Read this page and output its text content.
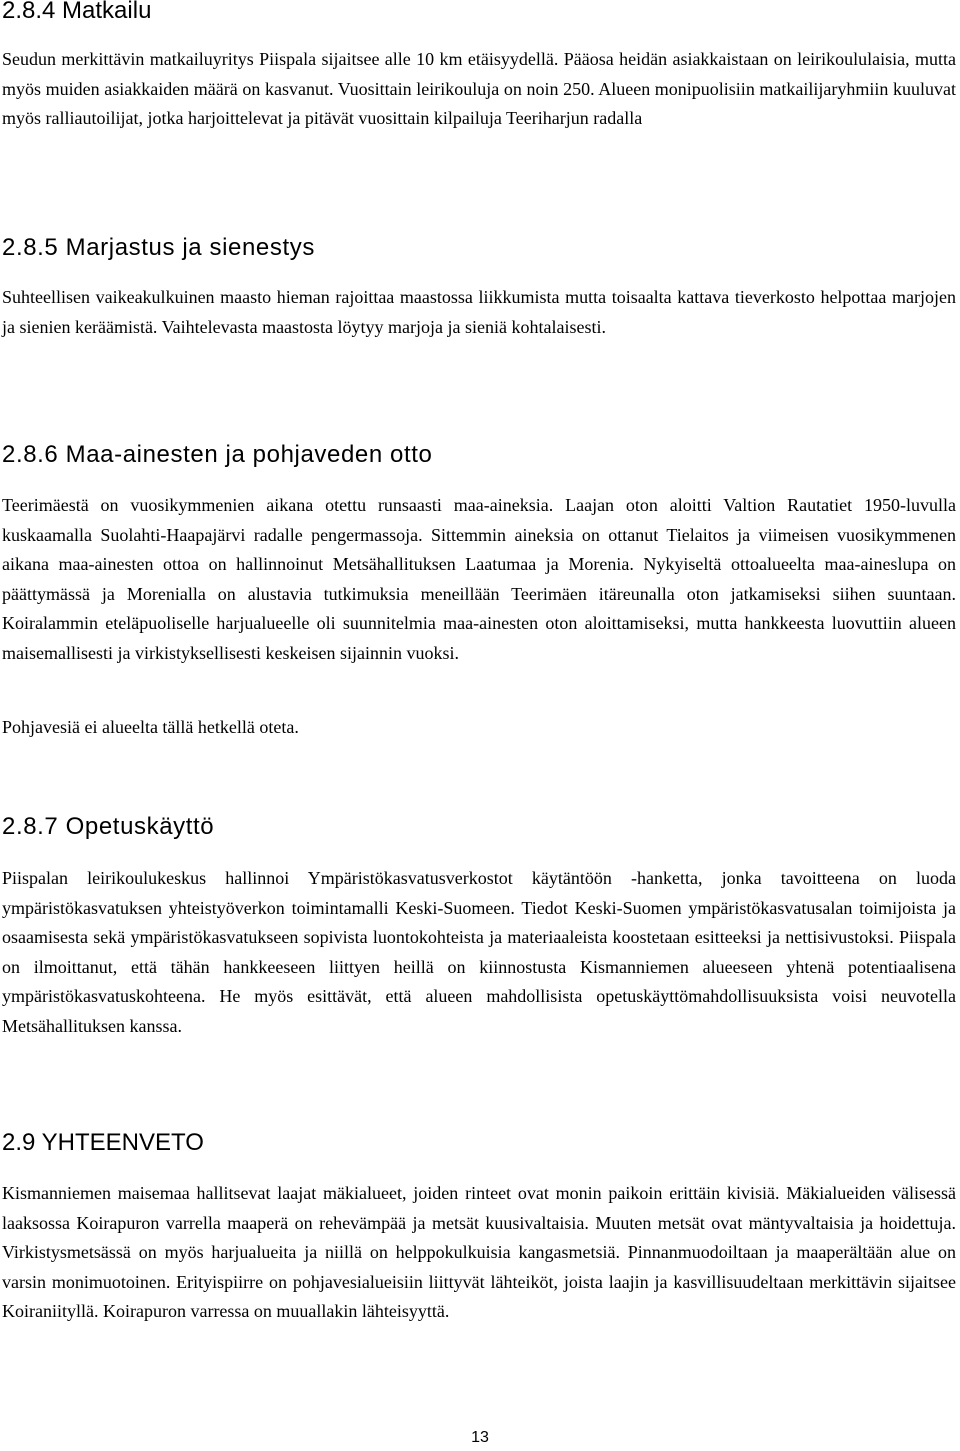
2.8.4 Matkailu

Seudun merkittävin matkailuyritys Piispala sijaitsee alle 10 km etäisyydellä. Pääosa heidän asiakkaistaan on leirikoululaisia, mutta myös muiden asiakkaiden määrä on kasvanut. Vuosittain leirikouluja on noin 250. Alueen monipuolisiin matkailijaryhmiin kuuluvat myös ralliautoilijat, jotka harjoittelevat ja pitävät vuosittain kilpailuja Teeriharjun radalla

2.8.5 Marjastus ja sienestys

Suhteellisen vaikeakulkuinen maasto hieman rajoittaa maastossa liikkumista mutta toisaalta kattava tieverkosto helpottaa marjojen ja sienien keräämistä. Vaihtelevasta maastosta löytyy marjoja ja sieniä kohtalaisesti.

2.8.6 Maa-ainesten ja pohjaveden otto

Teerimäestä on vuosikymmenien aikana otettu runsaasti maa-aineksia. Laajan oton aloitti Valtion Rautatiet 1950-luvulla kuskaamalla Suolahti-Haapajärvi radalle pengermassoja. Sittemmin aineksia on ottanut Tielaitos ja viimeisen vuosikymmenen aikana maa-ainesten ottoa on hallinnoinut Metsähallituksen Laatumaa ja Morenia. Nykyiseltä ottoalueelta maa-aineslupa on päättymässä ja Morenialla on alustavia tutkimuksia meneillään Teerimäen itäreunalla oton jatkamiseksi siihen suuntaan. Koiralammin eteläpuoliselle harjualueelle oli suunnitelmia maa-ainesten oton aloittamiseksi, mutta hankkeesta luovuttiin alueen maisemallisesti ja virkistyksellisesti keskeisen sijainnin vuoksi.

Pohjavesiä ei alueelta tällä hetkellä oteta.

2.8.7 Opetuskäyttö

Piispalan leirikoulukeskus hallinnoi Ympäristökasvatusverkostot käytäntöön -hanketta, jonka tavoitteena on luoda ympäristökasvatuksen yhteistyöverkon toimintamalli Keski-Suomeen. Tiedot Keski-Suomen ympäristökasvatusalan toimijoista ja osaamisesta sekä ympäristökasvatukseen sopivista luontokohteista ja materiaaleista koostetaan esitteeksi ja nettisivustoksi. Piispala on ilmoittanut, että tähän hankkeeseen liittyen heillä on kiinnostusta Kismanniemen alueeseen yhtenä potentiaalisena ympäristökasvatuskohteena. He myös esittävät, että alueen mahdollisista opetuskäyttömahdollisuuksista voisi neuvotella Metsähallituksen kanssa.

2.9 YHTEENVETO

Kismanniemen maisemaa hallitsevat laajat mäkialueet, joiden rinteet ovat monin paikoin erittäin kivisiä. Mäkialueiden välisessä laaksossa Koirapuron varrella maaperä on rehevämpää ja metsät kuusivaltaisia. Muuten metsät ovat mäntyvaltaisia ja hoidettuja. Virkistysmetsässä on myös harjualueita ja niillä on helppokulkuisia kangasmetsiä. Pinnanmuodoiltaan ja maaperältään alue on varsin monimuotoinen. Erityispiirre on pohjavesialueisiin liittyvät lähteiköt, joista laajin ja kasvillisuudeltaan merkittävin sijaitsee Koiraniityllä. Koirapuron varressa on muuallakin lähteisyyttä.

13
